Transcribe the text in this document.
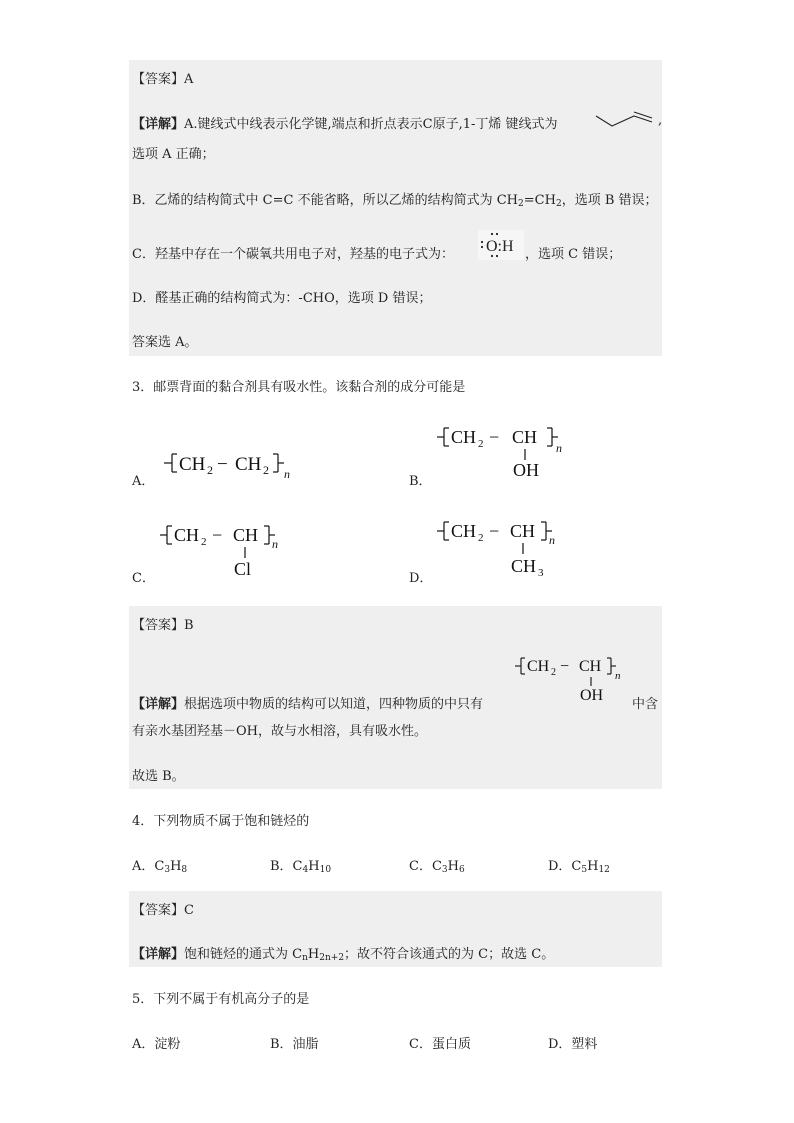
【答案】A
【详解】A.键线式中线表示化学键,端点和折点表示C原子,1-丁烯 键线式为	,
选项 A 正确；
B．乙烯的结构简式中 C=C 不能省略，所以乙烯的结构简式为 $CH_2=CH_2$，选项 B 错误；
C．羟基中存在一个碳氧共用电子对，羟基的电子式为： O:H ，选项 C 错误；
D．醛基正确的结构简式为：-CHO，选项 D 错误；
答案选 A。
3．邮票背面的黏合剂具有吸水性。该黏合剂的成分可能是
A．
CH 2 − CH 2 n	B．
CH 2 − CH
n
OH
C．
CH 2 − CH n
Cl	D．
CH 2 − CH n
CH 3
【答案】B
CH 2 − CH
n
OH
【详解】根据选项中物质的结构可以知道，四种物质的中只有	中含
有亲水基团羟基－OH，故与水相溶，具有吸水性。
故选 B。
4．下列物质不属于饱和链烃的
A．$C_3H_8$	B．$C_4H_{10}$	C．$C_3H_6$	D．$C_5H_{12}$
【答案】C
【详解】饱和链烃的通式为 $C_nH_{2n+2}$；故不符合该通式的为 C；故选 C。
5．下列不属于有机高分子的是
A．淀粉	B．油脂	C．蛋白质	D．塑料
